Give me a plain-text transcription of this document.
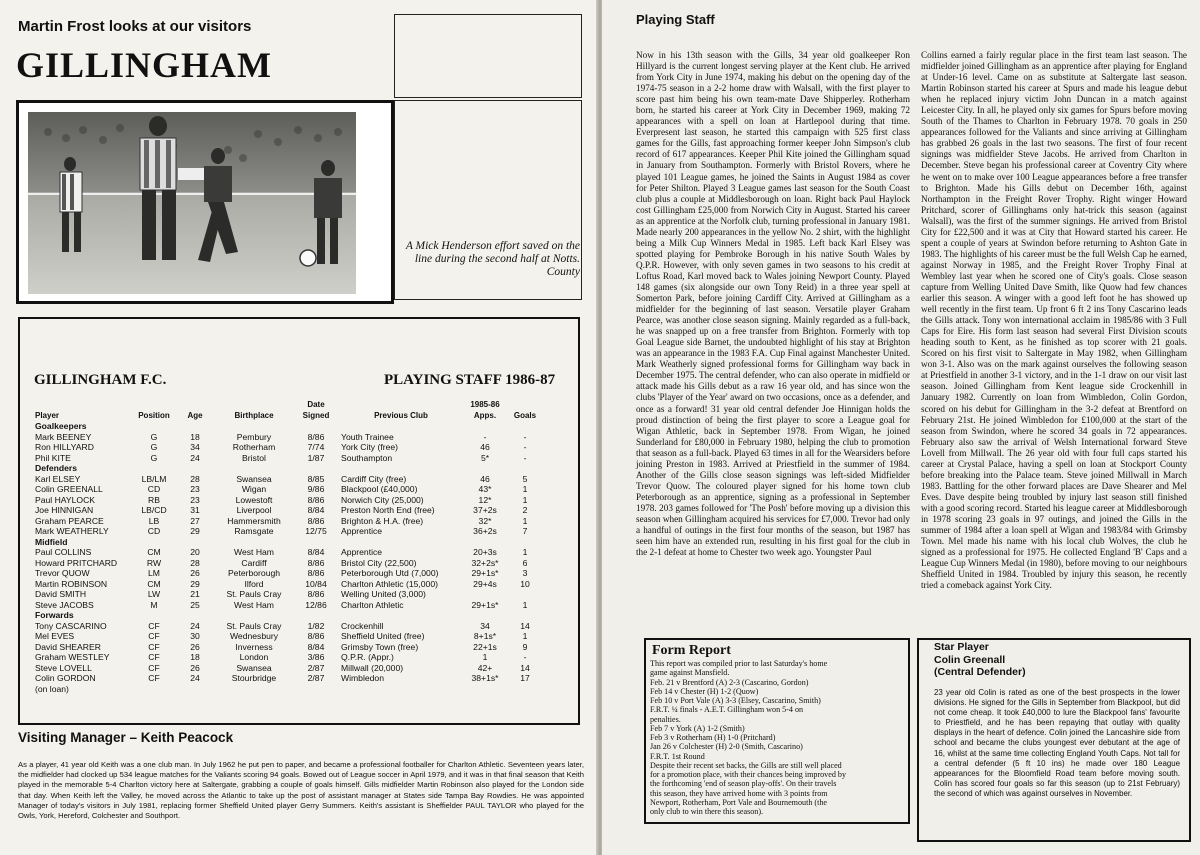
Martin Frost looks at our visitors
GILLINGHAM
A Mick Henderson effort saved on the line during the second half at Notts. County
GILLINGHAM F.C.	PLAYING STAFF 1986-87
				Date		1985-86	
Player	Position	Age	Birthplace	Signed	Previous Club	Apps.	Goals
Goalkeepers							
Mark BEENEY	G	18	Pembury	8/86	Youth Trainee	-	-
Ron HILLYARD	G	34	Rotherham	7/74	York City (free)	46	-
Phil KITE	G	24	Bristol	1/87	Southampton	5*	-
Defenders							
Karl ELSEY	LB/LM	28	Swansea	8/85	Cardiff City (free)	46	5
Colin GREENALL	CD	23	Wigan	9/86	Blackpool (£40,000)	43*	1
Paul HAYLOCK	RB	23	Lowestoft	8/86	Norwich City (25,000)	12*	1
Joe HINNIGAN	LB/CD	31	Liverpool	8/84	Preston North End (free)	37+2s	2
Graham PEARCE	LB	27	Hammersmith	8/86	Brighton & H.A. (free)	32*	1
Mark WEATHERLY	CD	29	Ramsgate	12/75	Apprentice	36+2s	7
Midfield							
Paul COLLINS	CM	20	West Ham	8/84	Apprentice	20+3s	1
Howard PRITCHARD	RW	28	Cardiff	8/86	Bristol City (22,500)	32+2s*	6
Trevor QUOW	LM	26	Peterborough	8/86	Peterborough Utd (7,000)	29+1s*	3
Martin ROBINSON	CM	29	Ilford	10/84	Charlton Athletic (15,000)	29+4s	10
David SMITH	LW	21	St. Pauls Cray	8/86	Welling United (3,000)		
Steve JACOBS	M	25	West Ham	12/86	Charlton Athletic	29+1s*	1
Forwards							
Tony CASCARINO	CF	24	St. Pauls Cray	1/82	Crockenhill	34	14
Mel EVES	CF	30	Wednesbury	8/86	Sheffield United (free)	8+1s*	1
David SHEARER	CF	26	Inverness	8/84	Grimsby Town (free)	22+1s	9
Graham WESTLEY	CF	18	London	3/86	Q.P.R. (Appr.)	1	-
Steve LOVELL	CF	26	Swansea	2/87	Millwall (20,000)	42+	14
Colin GORDON	CF	24	Stourbridge	2/87	Wimbledon	38+1s*	17
(on loan)							
Visiting Manager – Keith Peacock
As a player, 41 year old Keith was a one club man. In July 1962 he put pen to paper, and became a professional footballer for Charlton Athletic. Seventeen years later, the midfielder had clocked up 534 league matches for the Valiants scoring 94 goals. Bowed out of League soccer in April 1979, and it was in that final season that Keith played in the memorable 5-4 Charlton victory here at Saltergate, grabbing a couple of goals himself. Gills midfielder Martin Robinson also played for the London side that day. When Keith left the Valley, he moved across the Atlantic to take up the post of assistant manager at States side Tampa Bay Rowdies. He was appointed Manager of today's visitors in July 1981, replacing former Sheffield United player Gerry Summers. Keith's assistant is Sheffielder PAUL TAYLOR who played for the Owls, York, Hereford, Colchester and Southport.
Playing Staff
Now in his 13th season with the Gills, 34 year old goalkeeper Ron Hillyard is the current longest serving player at the Kent club. He arrived from York City in June 1974, making his debut on the opening day of the 1974-75 season in a 2-2 home draw with Walsall, with the first player to score past him being his own team-mate Dave Shipperley. Rotherham born, he started his career at York City in December 1969, making 72 appearances with a spell on loan at Hartlepool during that time. Everpresent last season, he started this campaign with 525 first class games for the Gills, fast approaching former keeper John Simpson's club record of 617 appearances. Keeper Phil Kite joined the Gillingham squad in January from Southampton. Formerly with Bristol Rovers, where he played 101 League games, he joined the Saints in August 1984 as cover for Peter Shilton. Played 3 League games last season for the South Coast club plus a couple at Middlesborough on loan. Right back Paul Haylock cost Gillingham £25,000 from Norwich City in August. Started his career as an apprentice at the Norfolk club, turning professional in January 1981. Made nearly 200 appearances in the yellow No. 2 shirt, with the highlight being a Milk Cup Winners Medal in 1985. Left back Karl Elsey was spotted playing for Pembroke Borough in his native South Wales by Q.P.R. However, with only seven games in two seasons to his credit at Loftus Road, Karl moved back to Wales joining Newport County. Played 148 games (six alongside our own Tony Reid) in a three year spell at Somerton Park, before joining Cardiff City. Arrived at Gillingham as a midfielder for the beginning of last season. Versatile player Graham Pearce, was another close season signing. Mainly regarded as a full-back, he was snapped up on a free transfer from Brighton. Formerly with top Goal League side Barnet, the undoubted highlight of his stay at Brighton was an appearance in the 1983 F.A. Cup Final against Manchester United. Mark Weatherly signed professional forms for Gillingham way back in December 1975. The central defender, who can also operate in midfield or attack made his Gills debut as a raw 16 year old, and has since won the clubs 'Player of the Year' award on two occasions, once as a defender, and once as a forward! 31 year old central defender Joe Hinnigan holds the proud distinction of being the first player to score a League goal for Wigan Athletic, back in September 1978. From Wigan, he joined Sunderland for £80,000 in February 1980, helping the club to promotion that season as a full-back. Played 63 times in all for the Wearsiders before joining Preston in 1983. Arrived at Priestfield in the summer of 1984. Another of the Gills close season signings was left-sided Midfielder Trevor Quow. The coloured player signed for his home town club Peterborough as an apprentice, signing as a professional in September 1978. 203 games followed for 'The Posh' before moving up a division this season when Gillingham acquired his services for £7,000. Trevor had only a handful of outings in the first four months of the season, but 1987 has seen him have an extended run, resulting in his first goal for the club in the 2-1 defeat at home to Chester two week ago. Youngster Paul
Collins earned a fairly regular place in the first team last season. The midfielder joined Gillingham as an apprentice after playing for England at Under-16 level. Came on as substitute at Saltergate last season. Martin Robinson started his career at Spurs and made his league debut when he replaced injury victim John Duncan in a match against Leicester City. In all, he played only six games for Spurs before moving South of the Thames to Charlton in February 1978. 70 goals in 250 appearances followed for the Valiants and since arriving at Gillingham has grabbed 26 goals in the last two seasons. The first of four recent signings was midfielder Steve Jacobs. He arrived from Charlton in December. Steve began his professional career at Coventry City where he went on to make over 100 League appearances before a free transfer to Brighton. Made his Gills debut on December 16th, against Northampton in the Freight Rover Trophy. Right winger Howard Pritchard, scorer of Gillinghams only hat-trick this season (against Walsall), was the first of the summer signings. He arrived from Bristol City for £22,500 and it was at City that Howard started his career. He spent a couple of years at Swindon before returning to Ashton Gate in 1983. The highlights of his career must be the full Welsh Cap he earned, against Norway in 1985, and the Freight Rover Trophy Final at Wembley last year when he scored one of City's goals. Close season capture from Welling United Dave Smith, like Quow had few chances earlier this season. A winger with a good left foot he has showed up well recently in the first team. Up front 6 ft 2 ins Tony Cascarino leads the Gills attack. Tony won international acclaim in 1985/86 with 3 Full Caps for Eire. His form last season had several First Division scouts heading south to Kent, as he finished as top scorer with 21 goals. Scored on his first visit to Saltergate in May 1982, when Gillingham won 3-1. Also was on the mark against ourselves the following season at Priestfield in another 3-1 victory, and in the 1-1 draw on our visit last season. Joined Gillingham from Kent league side Crockenhill in January 1982. Currently on loan from Wimbledon, Colin Gordon, scored on his debut for Gillingham in the 3-2 defeat at Brentford on February 21st. He joined Wimbledon for £100,000 at the start of the season from Swindon, where he scored 34 goals in 72 appearances. February also saw the arrival of Welsh International forward Steve Lovell from Millwall. The 26 year old with four full caps started his career at Crystal Palace, having a spell on loan at Stockport County before breaking into the Palace team. Steve joined Millwall in March 1983. Battling for the other forward places are Dave Shearer and Mel Eves. Dave despite being troubled by injury last season still finished with a good scoring record. Started his league career at Middlesborough in 1978 scoring 23 goals in 97 outings, and joined the Gills in the summer of 1984 after a loan spell at Wigan and 1983/84 with Grimsby Town. Mel made his name with his local club Wolves, the club he signed as a professional for 1975. He collected England 'B' Caps and a League Cup Winners Medal (in 1980), before moving to our neighbours Sheffield United in 1984. Troubled by injury this season, he recently tried a comeback against York City.
Form Report
This report was compiled prior to last Saturday's home
game against Mansfield.
Feb. 21 v Brentford (A) 2-3 (Cascarino, Gordon)
Feb 14 v Chester (H) 1-2 (Quow)
Feb 10 v Port Vale (A) 3-3 (Elsey, Cascarino, Smith)
F.R.T. ¼ finals - A.E.T. Gillingham won 5-4 on
penalties.
Feb 7 v York (A) 1-2 (Smith)
Feb 3 v Rotherham (H) 1-0 (Pritchard)
Jan 26 v Colchester (H) 2-0 (Smith, Cascarino)
F.R.T. 1st Round
Despite their recent set backs, the Gills are still well placed
for a promotion place, with their chances being improved by
the forthcoming 'end of season play-offs'. On their travels
this season, they have arrived home with 3 points from
Newport, Rotherham, Port Vale and Bournemouth (the
only club to win there this season).
Star Player
Colin Greenall
(Central Defender)
23 year old Colin is rated as one of the best prospects in the lower divisions. He signed for the Gills in September from Blackpool, but did not come cheap. It took £40,000 to lure the Blackpool fans' favourite to Priestfield, and he has been repaying that outlay with quality displays in the heart of defence. Colin joined the Lancashire side from school and became the clubs youngest ever debutant at the age of 16, whilst at the same time collecting England Youth Caps. Not tall for a central defender (5 ft 10 ins) he made over 180 League appearances for the Bloomfield Road team before moving south. Colin has scored four goals so far this season (up to 21st February) the second of which was against ourselves in November.
